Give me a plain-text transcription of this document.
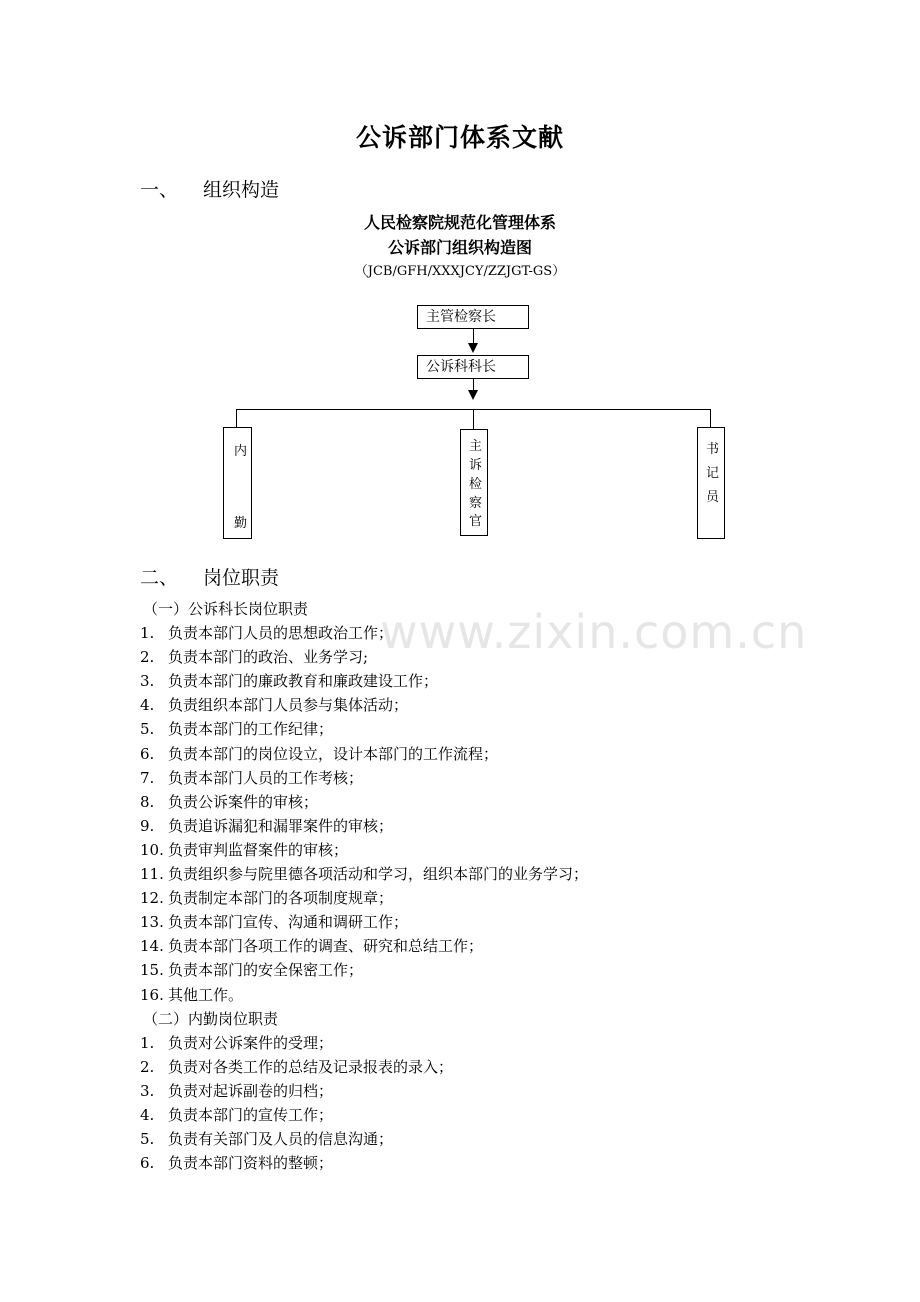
www.zixin.com.cn
公诉部门体系文献
一、 组织构造
人民检察院规范化管理体系
公诉部门组织构造图
（JCB/GFH/XXXJCY/ZZJGT-GS）
主管检察长
公诉科科长
内
勤
主
诉
检
察
官
书
记
员
二、 岗位职责
（一）公诉科长岗位职责
1. 负责本部门人员的思想政治工作；
2. 负责本部门的政治、业务学习;
3. 负责本部门的廉政教育和廉政建设工作；
4. 负责组织本部门人员参与集体活动；
5. 负责本部门的工作纪律；
6. 负责本部门的岗位设立，设计本部门的工作流程；
7. 负责本部门人员的工作考核；
8. 负责公诉案件的审核；
9. 负责追诉漏犯和漏罪案件的审核；
10. 负责审判监督案件的审核；
11. 负责组织参与院里德各项活动和学习，组织本部门的业务学习；
12. 负责制定本部门的各项制度规章；
13. 负责本部门宣传、沟通和调研工作；
14. 负责本部门各项工作的调查、研究和总结工作；
15. 负责本部门的安全保密工作；
16. 其他工作。
（二）内勤岗位职责
1. 负责对公诉案件的受理；
2. 负责对各类工作的总结及记录报表的录入；
3. 负责对起诉副卷的归档；
4. 负责本部门的宣传工作；
5. 负责有关部门及人员的信息沟通；
6. 负责本部门资料的整顿；
